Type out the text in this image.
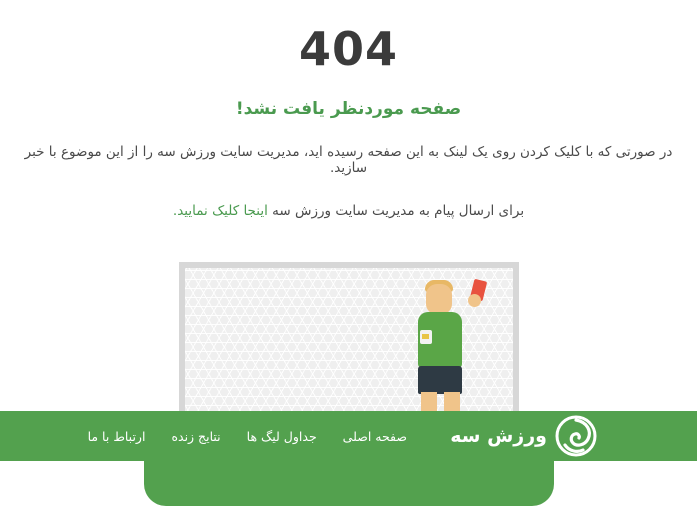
404
صفحه موردنظر یافت نشد!
در صورتی که با کلیک کردن روی یک لینک به این صفحه رسیده اید، مدیریت سایت ورزش سه را از این موضوع با خبر سازید.
برای ارسال پیام به مدیریت سایت ورزش سه اینجا کلیک نمایید.
صفحه اصلی
جداول لیگ ها
نتایج زنده
ارتباط با ما	ورزش سه
